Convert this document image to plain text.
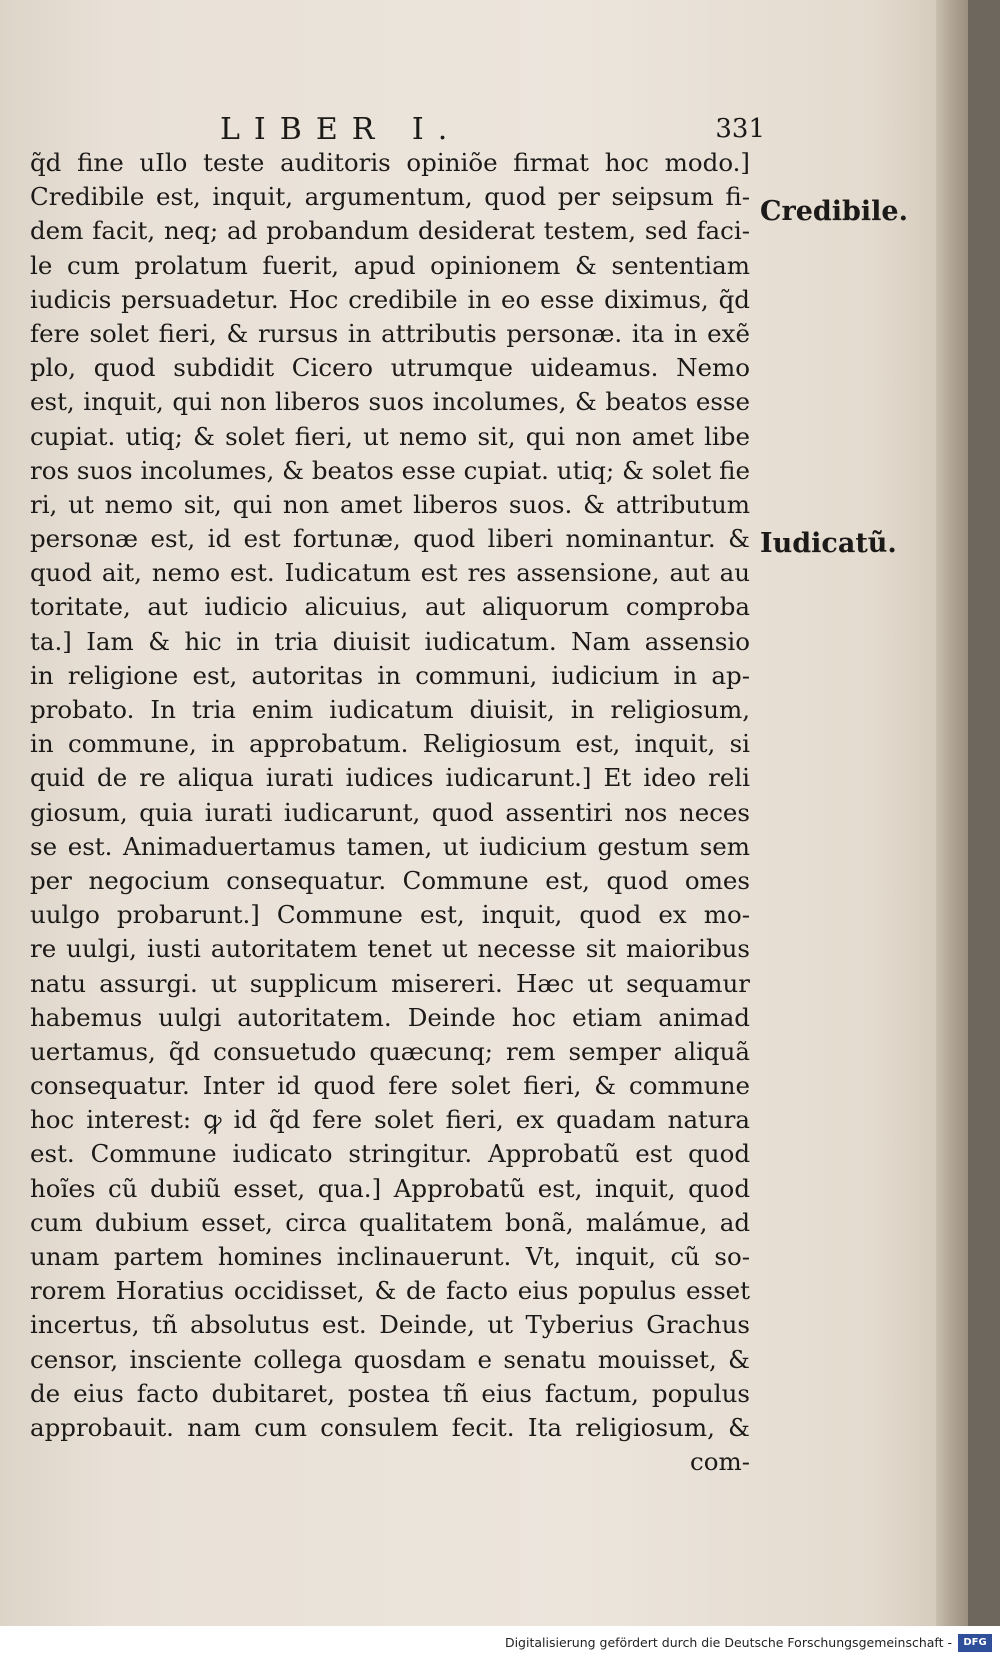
LIBER I.	331
q̃d fine uIlo teste auditoris opiniõe firmat hoc modo.]
Credibile est, inquit, argumentum, quod per seipsum fi-
dem facit, neq; ad probandum desiderat testem, sed faci-
le cum prolatum fuerit, apud opinionem & sententiam
iudicis persuadetur. Hoc credibile in eo esse diximus, q̃d
fere solet fieri, & rursus in attributis personæ. ita in exẽ
plo, quod subdidit Cicero utrumque uideamus. Nemo
est, inquit, qui non liberos suos incolumes, & beatos esse
cupiat. utiq; & solet fieri, ut nemo sit, qui non amet libe
ros suos incolumes, & beatos esse cupiat. utiq; & solet fie
ri, ut nemo sit, qui non amet liberos suos. & attributum
personæ est, id est fortunæ, quod liberi nominantur. &
quod ait, nemo est. Iudicatum est res assensione, aut au
toritate, aut iudicio alicuius, aut aliquorum comproba
ta.] Iam & hic in tria diuisit iudicatum. Nam assensio
in religione est, autoritas in communi, iudicium in ap-
probato. In tria enim iudicatum diuisit, in religiosum,
in commune, in approbatum. Religiosum est, inquit, si
quid de re aliqua iurati iudices iudicarunt.] Et ideo reli
giosum, quia iurati iudicarunt, quod assentiri nos neces
se est. Animaduertamus tamen, ut iudicium gestum sem
per negocium consequatur. Commune est, quod omes
uulgo probarunt.] Commune est, inquit, quod ex mo-
re uulgi, iusti autoritatem tenet ut necesse sit maioribus
natu assurgi. ut supplicum misereri. Hæc ut sequamur
habemus uulgi autoritatem. Deinde hoc etiam animad
uertamus, q̃d consuetudo quæcunq; rem semper aliquã
consequatur. Inter id quod fere solet fieri, & commune
hoc interest: ꝙ id q̃d fere solet fieri, ex quadam natura
est. Commune iudicato stringitur. Approbatũ est quod
hoĩes cũ dubiũ esset, qua.] Approbatũ est, inquit, quod
cum dubium esset, circa qualitatem bonã, malámue, ad
unam partem homines inclinauerunt. Vt, inquit, cũ so-
rorem Horatius occidisset, & de facto eius populus esset
incertus, tñ absolutus est. Deinde, ut Tyberius Grachus
censor, insciente collega quosdam e senatu mouisset, &
de eius facto dubitaret, postea tñ eius factum, populus
approbauit. nam cum consulem fecit. Ita religiosum, &
com-
Credibile.
Iudicatũ.
Digitalisierung gefördert durch die Deutsche Forschungsgemeinschaft -	DFG
